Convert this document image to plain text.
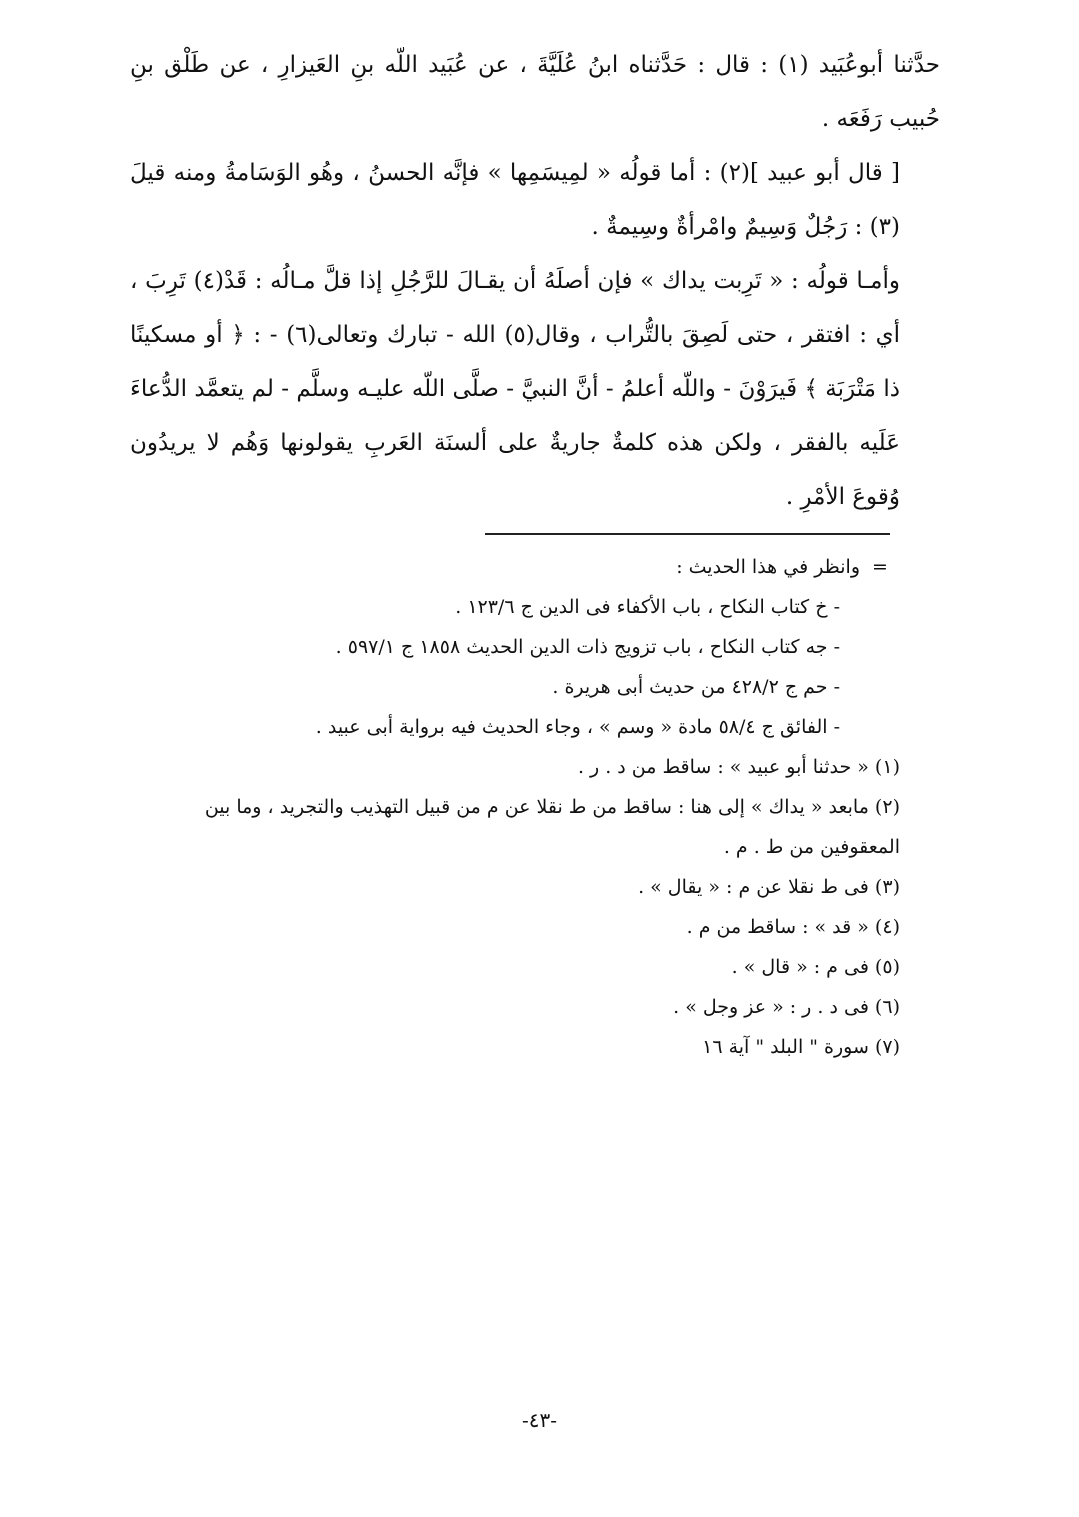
حدَّثنا أبوعُبَيد (١) : قال : حَدَّثناه ابنُ عُلَيَّةَ ، عن عُبَيد اللّه بنِ العَيزارِ ، عن طَلْق بنِ حُبيب رَفَعَه .

[ قال أبو عبيد ](٢) : أما قولُه « لمِيسَمِها » فإنَّه الحسنُ ، وهُو الوَسَامةُ ومنه قيلَ (٣) : رَجُلٌ وَسِيمٌ وامْرأةٌ وسِيمةٌ .

وأمـا قولُه : « تَرِبت يداك » فإن أصلَهُ أن يقـالَ للرَّجُلِ إذا قلَّ مـالُه : قَدْ(٤) تَرِبَ ، أي : افتقر ، حتى لَصِقَ بالتُّراب ، وقال(٥) الله - تبارك وتعالى(٦) - : ﴿ أو مسكينًا ذا مَتْرَبَة ﴾ فَيرَوْنَ - واللّه أعلمُ - أنَّ النبيَّ - صلَّى اللّه عليـه وسلَّم - لم يتعمَّد الدُّعاءَ عَلَيه بالفقر ، ولكن هذه كلمةٌ جاريةٌ على ألسنَة العَربِ يقولونها وَهُم لا يريدُون وُقوعَ الأمْرِ .

=
وانظر في هذا الحديث :
- خ كتاب النكاح ، باب الأكفاء فى الدين ج ١٢٣/٦ .
- جه كتاب النكاح ، باب تزويج ذات الدين الحديث ١٨٥٨ ج ٥٩٧/١ .
- حم ج ٤٢٨/٢ من حديث أبى هريرة .
- الفائق ج ٥٨/٤ مادة « وسم » ، وجاء الحديث فيه برواية أبى عبيد .
(١) « حدثنا أبو عبيد » : ساقط من د . ر .
(٢) مابعد « يداك » إلى هنا : ساقط من ط نقلا عن م من قبيل التهذيب والتجريد ، وما بين المعقوفين من ط . م .
(٣) فى ط نقلا عن م : « يقال » .
(٤) « قد » : ساقط من م .
(٥) فى م : « قال » .
(٦) فى د . ر : « عز وجل » .
(٧) سورة " البلد " آية ١٦
-٤٣-
